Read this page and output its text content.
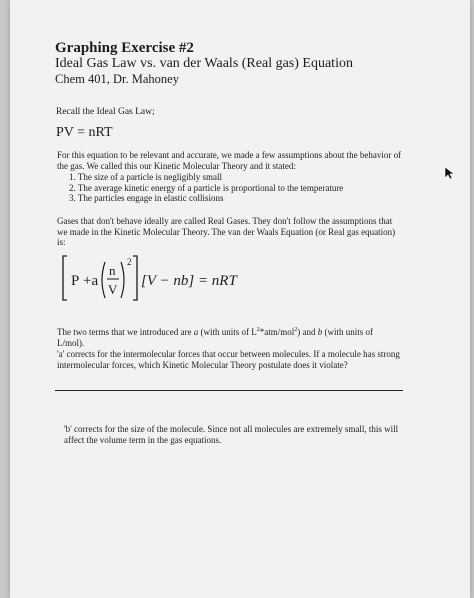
Graphing Exercise #2
Ideal Gas Law vs. van der Waals (Real gas) Equation
Chem 401, Dr. Mahoney
Recall the Ideal Gas Law;
PV = nRT
For this equation to be relevant and accurate, we made a few assumptions about the behavior of the gas. We called this our Kinetic Molecular Theory and it stated:
1. The size of a particle is negligibly small
2. The average kinetic energy of a particle is proportional to the temperature
3. The particles engage in elastic collisions
Gases that don't behave ideally are called Real Gases. They don't follow the assumptions that we made in the Kinetic Molecular Theory. The van der Waals Equation (or Real gas equation) is:
P +a
n
V
2
[V − nb] = nRT
The two terms that we introduced are a (with units of $L^2*atm/mol^2$) and b (with units of
L/mol).
'a' corrects for the intermolecular forces that occur between molecules. If a molecule has strong intermolecular forces, which Kinetic Molecular Theory postulate does it violate?
'b' corrects for the size of the molecule. Since not all molecules are extremely small, this will affect the volume term in the gas equations.
